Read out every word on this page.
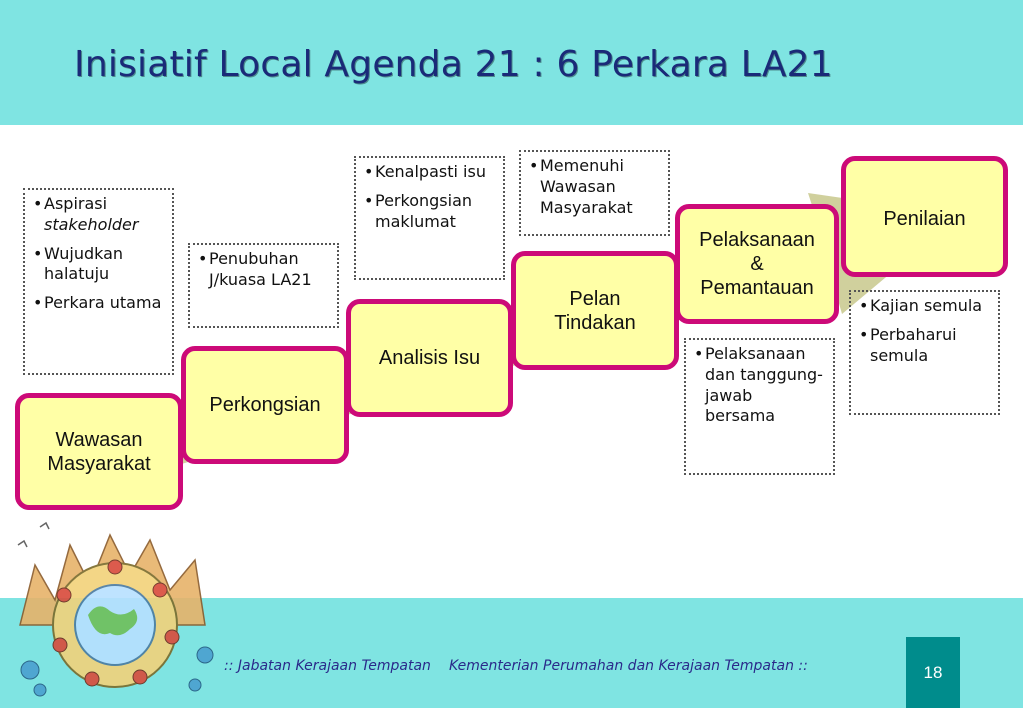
Inisiatif Local Agenda 21 : 6 Perkara LA21
Wawasan
Masyarakat
Perkongsian
Analisis Isu
Pelan
Tindakan
Pelaksanaan
&
Pemantauan
Penilaian
• Aspirasi
stakeholder
• Wujudkan halatuju
• Perkara utama
• Penubuhan J/kuasa LA21
• Kenalpasti isu
• Perkongsian maklumat
• Memenuhi Wawasan Masyarakat
• Pelaksanaan dan tanggung-jawab bersama
• Kajian semula
• Perbaharui semula
:: Jabatan Kerajaan Tempatan Kementerian Perumahan dan Kerajaan Tempatan ::	18
